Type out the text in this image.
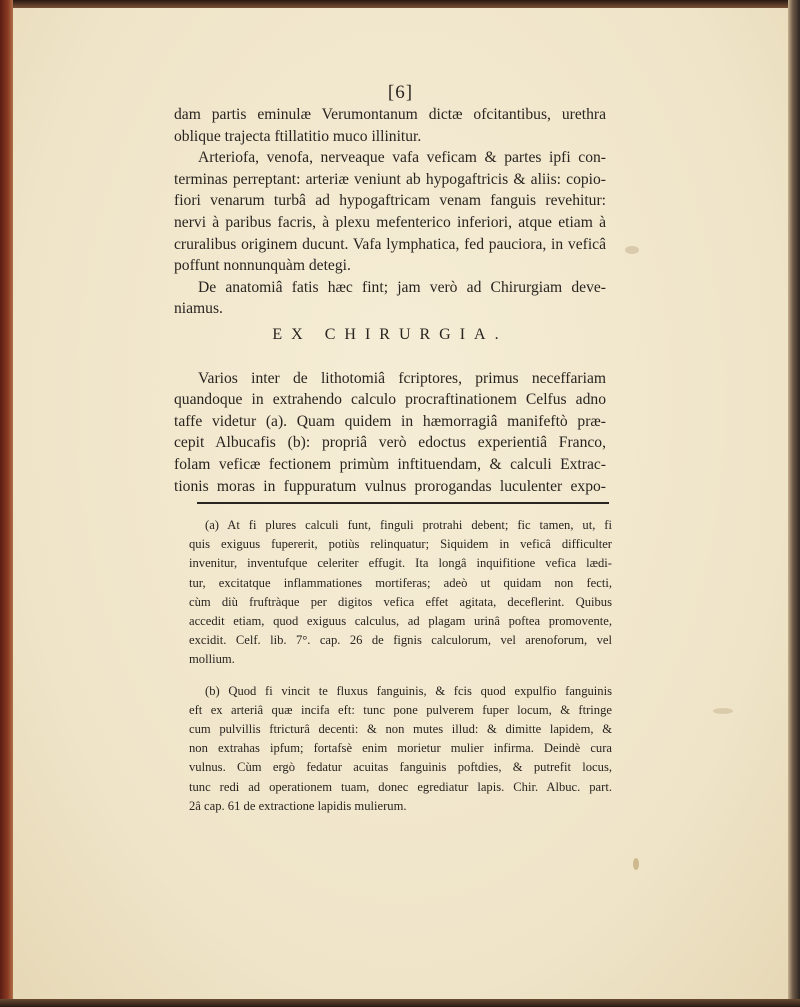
[6]
dam partis eminulæ Verumontanum dictæ ofcitantibus, urethra
oblique trajecta ftillatitio muco illinitur.
Arteriofa, venofa, nerveaque vafa veficam & partes ipfi con-
terminas perreptant: arteriæ veniunt ab hypogaftricis & aliis: copio-
fiori venarum turbâ ad hypogaftricam venam fanguis revehitur:
nervi à paribus facris, à plexu mefenterico inferiori, atque etiam à
cruralibus originem ducunt. Vafa lymphatica, fed pauciora, in veficâ
poffunt nonnunquàm detegi.
De anatomiâ fatis hæc fint; jam verò ad Chirurgiam deve-
niamus.
EX CHIRURGIA.
Varios inter de lithotomiâ fcriptores, primus neceffariam
quandoque in extrahendo calculo procraftinationem Celfus adno
taffe videtur (a). Quam quidem in hæmorragiâ manifeftò præ-
cepit Albucafis (b): propriâ verò edoctus experientiâ Franco,
folam veficæ fectionem primùm inftituendam, & calculi Extrac-
tionis moras in fuppuratum vulnus prorogandas luculenter expo-
(a) At fi plures calculi funt, finguli protrahi debent; fic tamen, ut, fi
quis exiguus fupererit, potiùs relinquatur; Siquidem in veficâ difficulter
invenitur, inventufque celeriter effugit. Ita longâ inquifitione vefica lædi-
tur, excitatque inflammationes mortiferas; adeò ut quidam non fecti,
cùm diù fruftràque per digitos vefica effet agitata, deceflerint. Quibus
accedit etiam, quod exiguus calculus, ad plagam urinâ poftea promovente,
excidit. Celf. lib. 7°. cap. 26 de fignis calculorum, vel arenoforum, vel
mollium.
(b) Quod fi vincit te fluxus fanguinis, & fcis quod expulfio fanguinis
eft ex arteriâ quæ incifa eft: tunc pone pulverem fuper locum, & ftringe
cum pulvillis ftricturâ decenti: & non mutes illud: & dimitte lapidem, &
non extrahas ipfum; fortafsè enim morietur mulier infirma. Deindè cura
vulnus. Cùm ergò fedatur acuitas fanguinis poftdies, & putrefit locus,
tunc redi ad operationem tuam, donec egrediatur lapis. Chir. Albuc. part.
2â cap. 61 de extractione lapidis mulierum.
